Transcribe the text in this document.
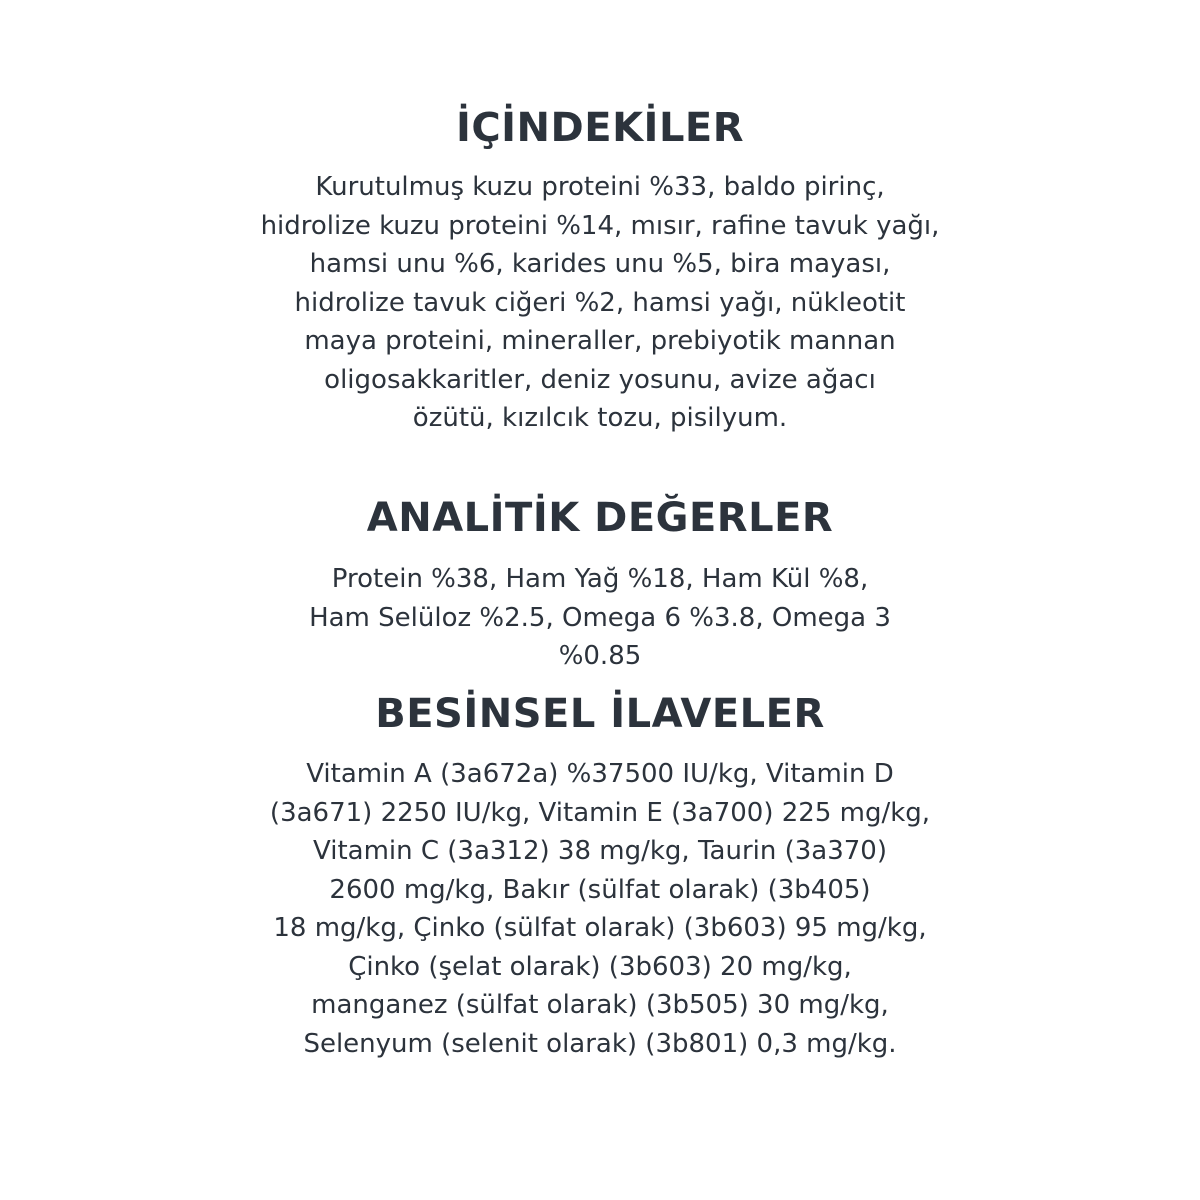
İÇİNDEKİLER
Kurutulmuş kuzu proteini %33, baldo pirinç,
hidrolize kuzu proteini %14, mısır, rafine tavuk yağı,
hamsi unu %6, karides unu %5, bira mayası,
hidrolize tavuk ciğeri %2, hamsi yağı, nükleotit
maya proteini, mineraller, prebiyotik mannan
oligosakkaritler, deniz yosunu, avize ağacı
özütü, kızılcık tozu, pisilyum.
ANALİTİK DEĞERLER
Protein %38, Ham Yağ %18, Ham Kül %8,
Ham Selüloz %2.5, Omega 6 %3.8, Omega 3
%0.85
BESİNSEL İLAVELER
Vitamin A (3a672a) %37500 IU/kg, Vitamin D
(3a671) 2250 IU/kg, Vitamin E (3a700) 225 mg/kg,
Vitamin C (3a312) 38 mg/kg, Taurin (3a370)
2600 mg/kg, Bakır (sülfat olarak) (3b405)
18 mg/kg, Çinko (sülfat olarak) (3b603) 95 mg/kg,
Çinko (şelat olarak) (3b603) 20 mg/kg,
manganez (sülfat olarak) (3b505) 30 mg/kg,
Selenyum (selenit olarak) (3b801) 0,3 mg/kg.
